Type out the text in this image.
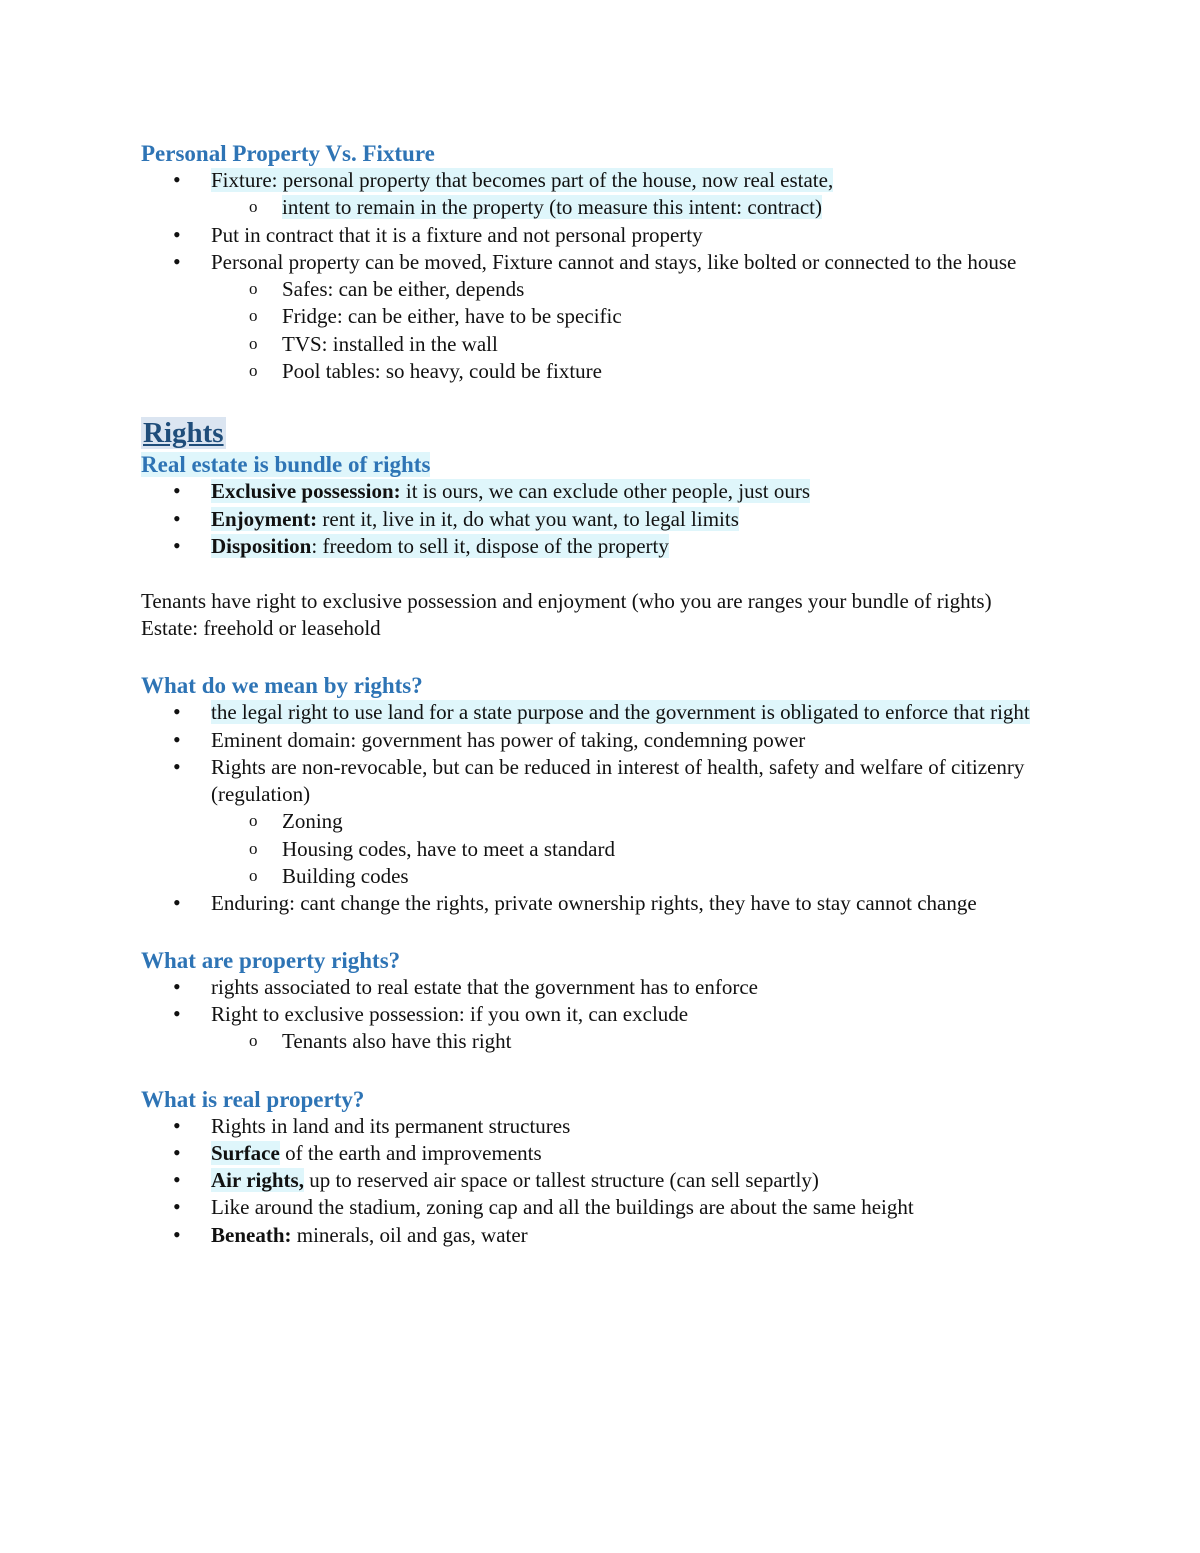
Personal Property Vs. Fixture
• Fixture: personal property that becomes part of the house, now real estate,
o intent to remain in the property (to measure this intent: contract)
• Put in contract that it is a fixture and not personal property
• Personal property can be moved, Fixture cannot and stays, like bolted or connected to the house
o Safes: can be either, depends
o Fridge: can be either, have to be specific
o TVS: installed in the wall
o Pool tables: so heavy, could be fixture
Rights
Real estate is bundle of rights
• Exclusive possession: it is ours, we can exclude other people, just ours
• Enjoyment: rent it, live in it, do what you want, to legal limits
• Disposition: freedom to sell it, dispose of the property

Tenants have right to exclusive possession and enjoyment (who you are ranges your bundle of rights)

Estate: freehold or leasehold

What do we mean by rights?
• the legal right to use land for a state purpose and the government is obligated to enforce that right
• Eminent domain: government has power of taking, condemning power
• Rights are non-revocable, but can be reduced in interest of health, safety and welfare of citizenry (regulation)
o Zoning
o Housing codes, have to meet a standard
o Building codes
• Enduring: cant change the rights, private ownership rights, they have to stay cannot change
What are property rights?
• rights associated to real estate that the government has to enforce
• Right to exclusive possession: if you own it, can exclude
o Tenants also have this right
What is real property?
• Rights in land and its permanent structures
• Surface of the earth and improvements
• Air rights, up to reserved air space or tallest structure (can sell separtly)
• Like around the stadium, zoning cap and all the buildings are about the same height
• Beneath: minerals, oil and gas, water
